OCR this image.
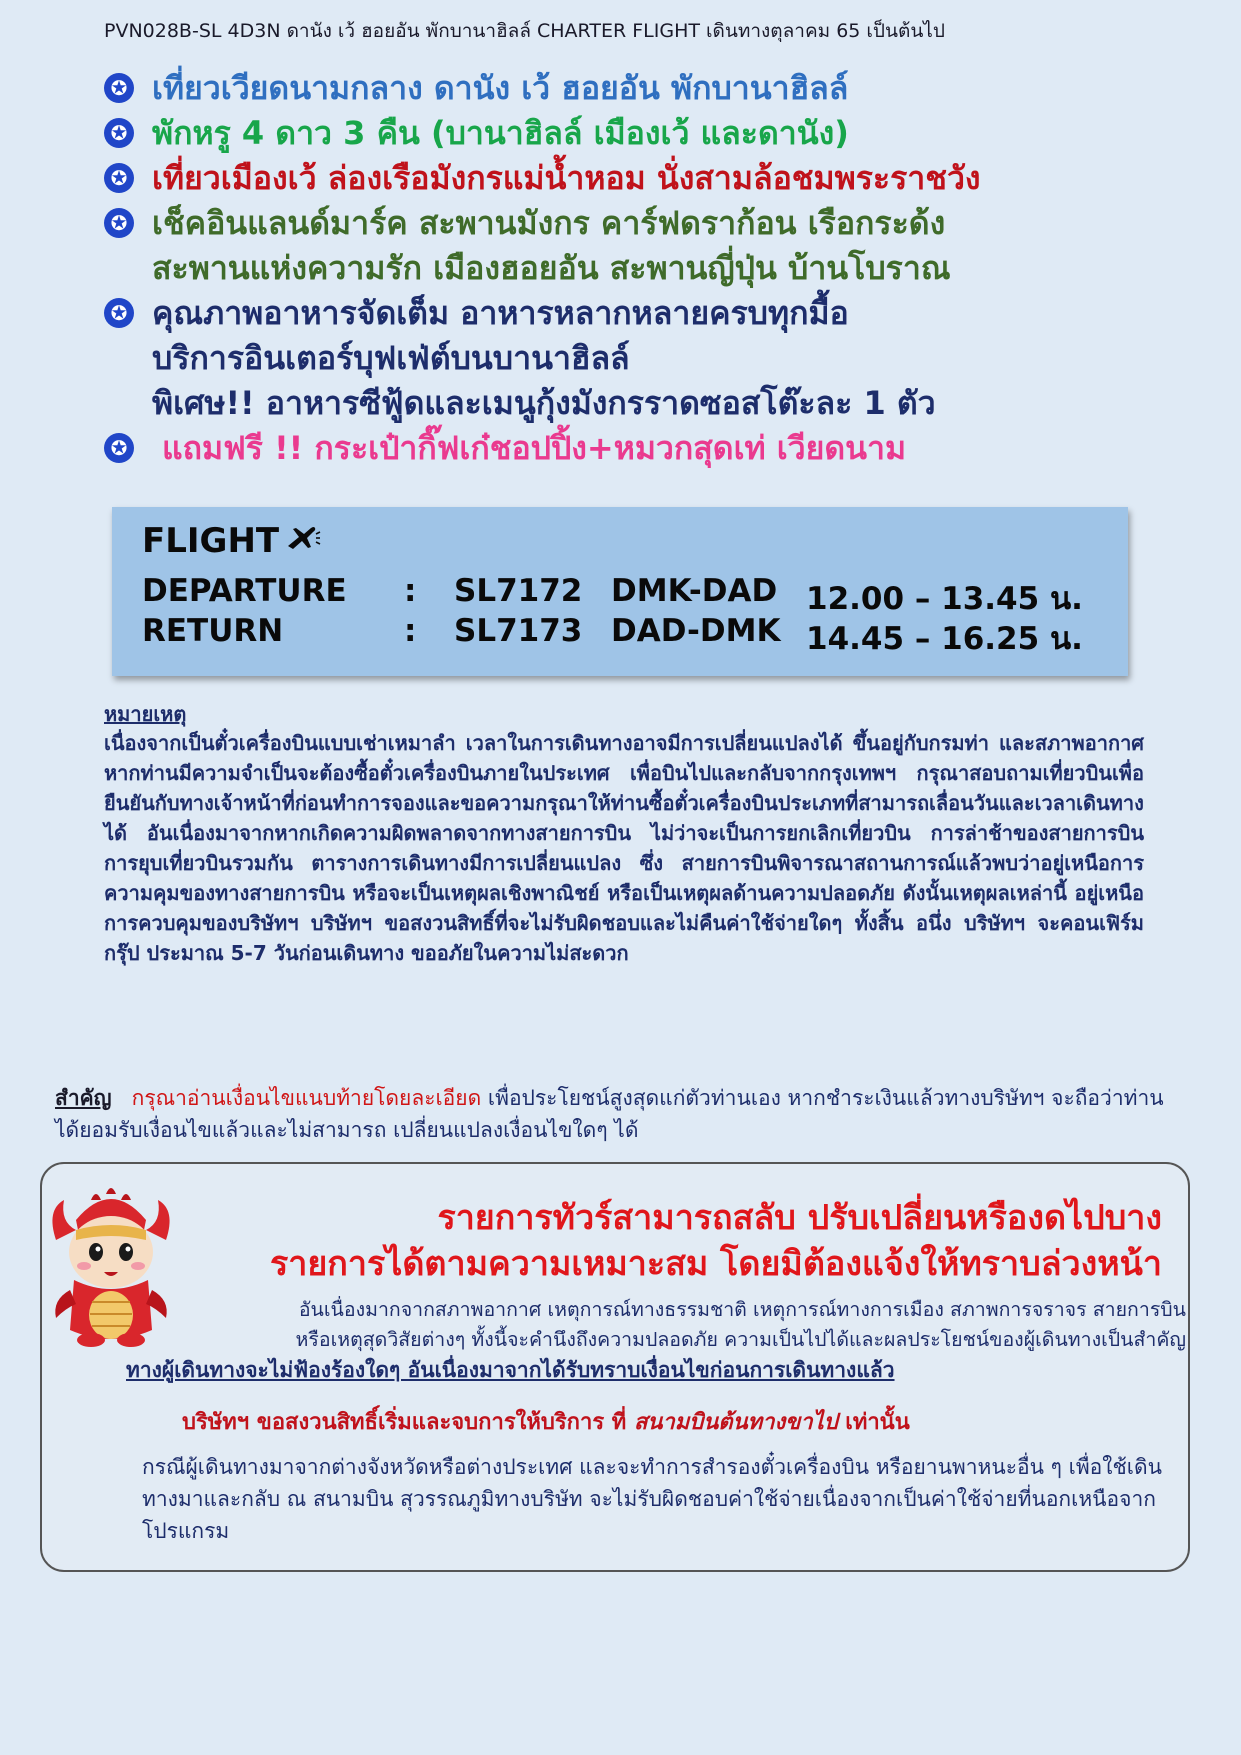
PVN028B-SL 4D3N ดานัง เว้ ฮอยอัน พักบานาฮิลล์ CHARTER FLIGHT เดินทางตุลาคม 65 เป็นต้นไป
✪ เที่ยวเวียดนามกลาง ดานัง เว้ ฮอยอัน พักบานาฮิลล์
✪ พักหรู 4 ดาว 3 คืน (บานาฮิลล์ เมืองเว้ และดานัง)
✪ เที่ยวเมืองเว้ ล่องเรือมังกรแม่น้ำหอม นั่งสามล้อชมพระราชวัง
✪ เช็คอินแลนด์มาร์ค สะพานมังกร คาร์ฟดราก้อน เรือกระด้ง
สะพานแห่งความรัก เมืองฮอยอัน สะพานญี่ปุ่น บ้านโบราณ
✪ คุณภาพอาหารจัดเต็ม อาหารหลากหลายครบทุกมื้อ
บริการอินเตอร์บุฟเฟ่ต์บนบานาฮิลล์
พิเศษ!! อาหารซีฟู้ดและเมนูกุ้งมังกรราดซอสโต๊ะละ 1 ตัว
✪	แถมฟรี !! กระเป๋ากิ๊ฟเก๋ชอปปิ้ง+หมวกสุดเท่ เวียดนาม
FLIGHT
DEPARTURE : SL7172 DMK-DAD 12.00 – 13.45 น.
RETURN	: SL7173 DAD-DMK 14.45 – 16.25 น.
หมายเหตุ
เนื่องจากเป็นตั๋วเครื่องบินแบบเช่าเหมาลำ เวลาในการเดินทางอาจมีการเปลี่ยนแปลงได้ ขึ้นอยู่กับกรมท่า และสภาพอากาศ หากท่านมีความจำเป็นจะต้องซื้อตั๋วเครื่องบินภายในประเทศ เพื่อบินไปและกลับจากกรุงเทพฯ กรุณาสอบถามเที่ยวบินเพื่อยืนยันกับทางเจ้าหน้าที่ก่อนทำการจองและขอความกรุณาให้ท่านซื้อตั๋วเครื่องบินประเภทที่สามารถเลื่อนวันและเวลาเดินทางได้ อันเนื่องมาจากหากเกิดความผิดพลาดจากทางสายการบิน ไม่ว่าจะเป็นการยกเลิกเที่ยวบิน การล่าช้าของสายการบิน การยุบเที่ยวบินรวมกัน ตารางการเดินทางมีการเปลี่ยนแปลง ซึ่ง สายการบินพิจารณาสถานการณ์แล้วพบว่าอยู่เหนือการความคุมของทางสายการบิน หรือจะเป็นเหตุผลเชิงพาณิชย์ หรือเป็นเหตุผลด้านความปลอดภัย ดังนั้นเหตุผลเหล่านี้ อยู่เหนือการควบคุมของบริษัทฯ บริษัทฯ ขอสงวนสิทธิ์ที่จะไม่รับผิดชอบและไม่คืนค่าใช้จ่ายใดๆ ทั้งสิ้น อนึ่ง บริษัทฯ จะคอนเฟิร์มกรุ๊ป ประมาณ 5-7 วันก่อนเดินทาง ขออภัยในความไม่สะดวก
สำคัญ กรุณาอ่านเงื่อนไขแนบท้ายโดยละเอียด เพื่อประโยชน์สูงสุดแก่ตัวท่านเอง หากชำระเงินแล้วทางบริษัทฯ จะถือว่าท่านได้ยอมรับเงื่อนไขแล้วและไม่สามารถ เปลี่ยนแปลงเงื่อนไขใดๆ ได้
รายการทัวร์สามารถสลับ ปรับเปลี่ยนหรืองดไปบาง
รายการได้ตามความเหมาะสม โดยมิต้องแจ้งให้ทราบล่วงหน้า
อันเนื่องมากจากสภาพอากาศ เหตุการณ์ทางธรรมชาติ เหตุการณ์ทางการเมือง สภาพการจราจร สายการบิน
หรือเหตุสุดวิสัยต่างๆ ทั้งนี้จะคำนึงถึงความปลอดภัย ความเป็นไปได้และผลประโยชน์ของผู้เดินทางเป็นสำคัญ
ทางผู้เดินทางจะไม่ฟ้องร้องใดๆ อันเนื่องมาจากได้รับทราบเงื่อนไขก่อนการเดินทางแล้ว
บริษัทฯ ขอสงวนสิทธิ์เริ่มและจบการให้บริการ ที่ สนามบินต้นทางขาไป เท่านั้น
กรณีผู้เดินทางมาจากต่างจังหวัดหรือต่างประเทศ และจะทำการสำรองตั๋วเครื่องบิน หรือยานพาหนะอื่น ๆ เพื่อใช้เดินทางมาและกลับ ณ สนามบิน สุวรรณภูมิทางบริษัท จะไม่รับผิดชอบค่าใช้จ่ายเนื่องจากเป็นค่าใช้จ่ายที่นอกเหนือจากโปรแกรม
